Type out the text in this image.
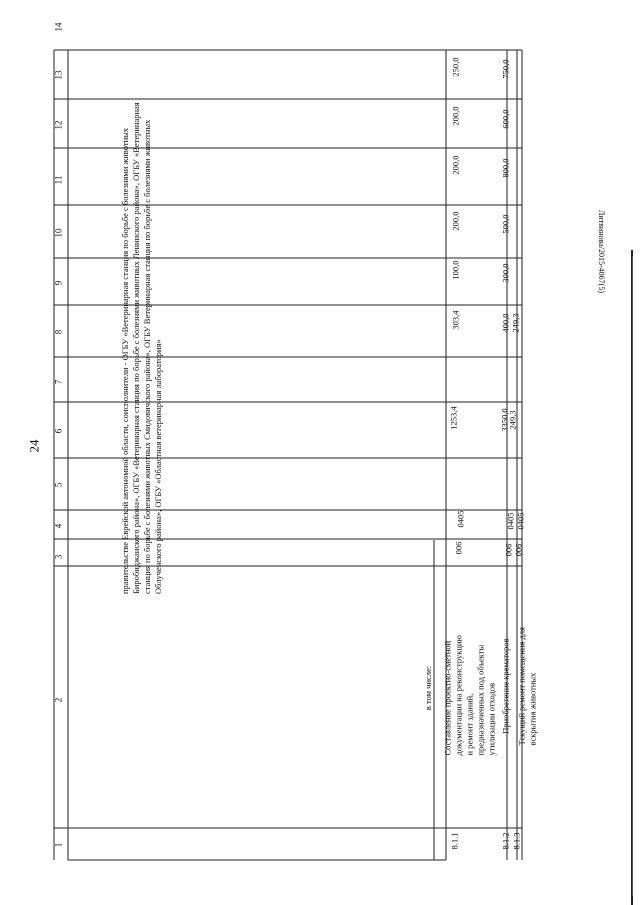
24
Литвинова/2015-4067(5)
1
2
3
4
5
6
7
8
9
10
11
12
13
14
правительстве Еврейской автономной области, соисполнители - ОГБУ «Ветеринарная станция по борьбе с болезнями животных Биробиджанского района», ОГБУ «Ветеринарная станция по борьбе с болезнями животных Ленинского района», ОГБУ «Ветеринарная станция по борьбе с болезнями животных Смидовичского района», ОГБУ Ветеринарная станция по борьбе с болезнями животных Облученского района», ОГБУ «Областная ветеринарная лаборатория»	006
0405
1253,4
303,4
100,0
200,0
200,0
200,0
250,0
в том числе:
8.1.1
Составление проектно-сметной документации на реконструкцию и ремонт зданий, предназначенных под объекты утилизации отходов
8.1.2
Приобретение крематоров
006
0405
3350,0
400,0
300,0
500,0
800,0
600,0
750,0
8.1.3
Текущий ремонт помещения для вскрытия животных
006
0405
249,3
249,3
